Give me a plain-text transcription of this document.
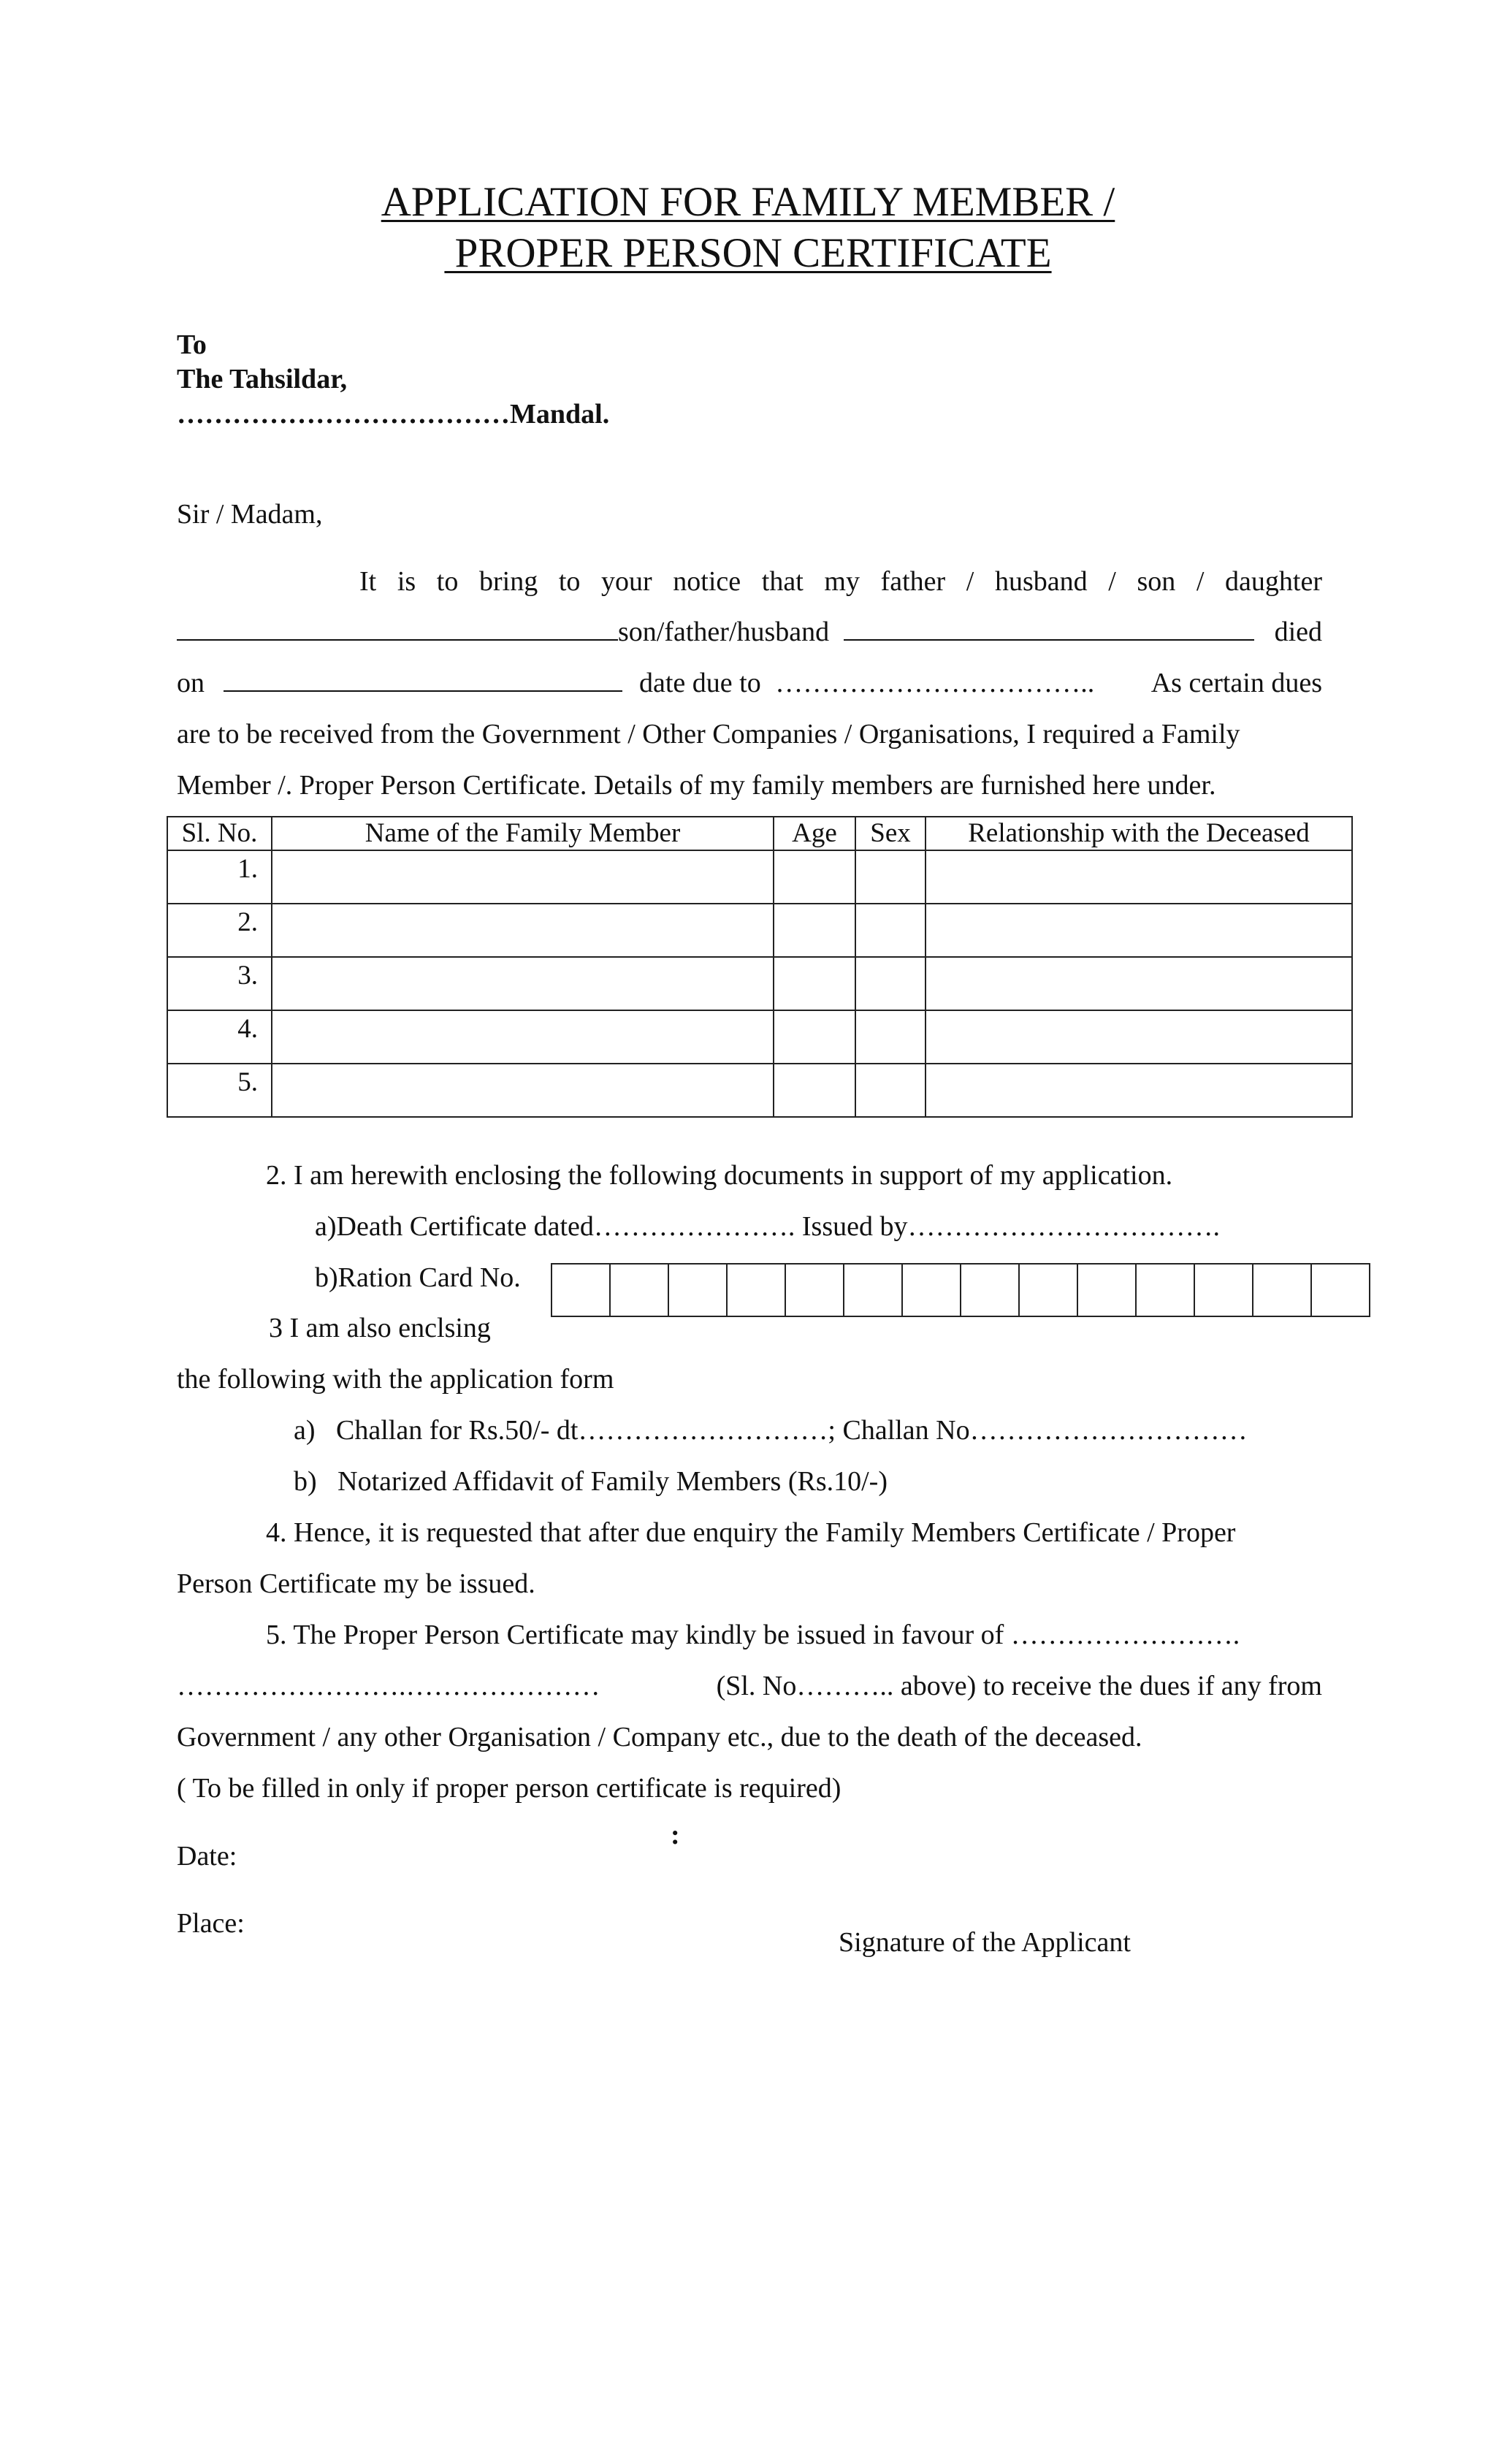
APPLICATION FOR FAMILY MEMBER /
PROPER PERSON CERTIFICATE
To
The Tahsildar,
………………………………Mandal.
Sir / Madam,
It is to bring to your notice that my father / husband / son / daughter
son/father/husband	died
on	date due to …………………………….. As certain dues
are to be received from the Government / Other Companies / Organisations, I required a Family
Member /. Proper Person Certificate. Details of my family members are furnished here under.
Sl. No.	Name of the Family Member	Age	Sex	Relationship with the Deceased
1.				
2.				
3.				
4.				
5.				
2. I am herewith enclosing the following documents in support of my application.
a)Death Certificate dated…………………. Issued by…………………………….
b)Ration Card No.
3 I am also enclsing
the following with the application form
a)   Challan for Rs.50/- dt………………………; Challan No…………………………
b)   Notarized Affidavit of Family Members (Rs.10/-)
4. Hence, it is requested that after due enquiry the Family Members Certificate / Proper
Person Certificate my be issued.
5. The Proper Person Certificate may kindly be issued in favour of …………………….
…………………….…………………	(Sl. No……….. above) to receive the dues if any from
Government / any other Organisation / Company etc., due to the death of the deceased.
( To be filled in only if proper person certificate is required)
:
Date:
Place:
Signature of the Applicant
